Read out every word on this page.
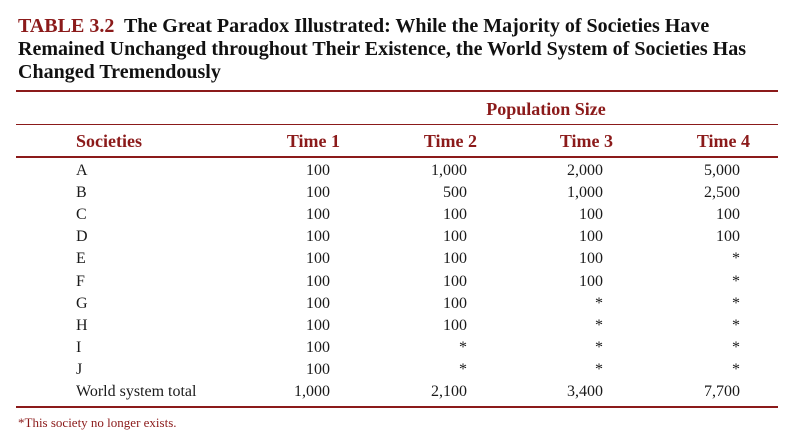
TABLE 3.2 The Great Paradox Illustrated: While the Majority of Societies Have Remained Unchanged throughout Their Existence, the World System of Societies Has Changed Tremendously
Population Size
Societies	Time 1	Time 2	Time 3	Time 4
A	100	1,000	2,000	5,000
B	100	500	1,000	2,500
C	100	100	100	100
D	100	100	100	100
E	100	100	100	*
F	100	100	100	*
G	100	100	*	*
H	100	100	*	*
I	100	*	*	*
J	100	*	*	*
World system total	1,000	2,100	3,400	7,700
*This society no longer exists.
